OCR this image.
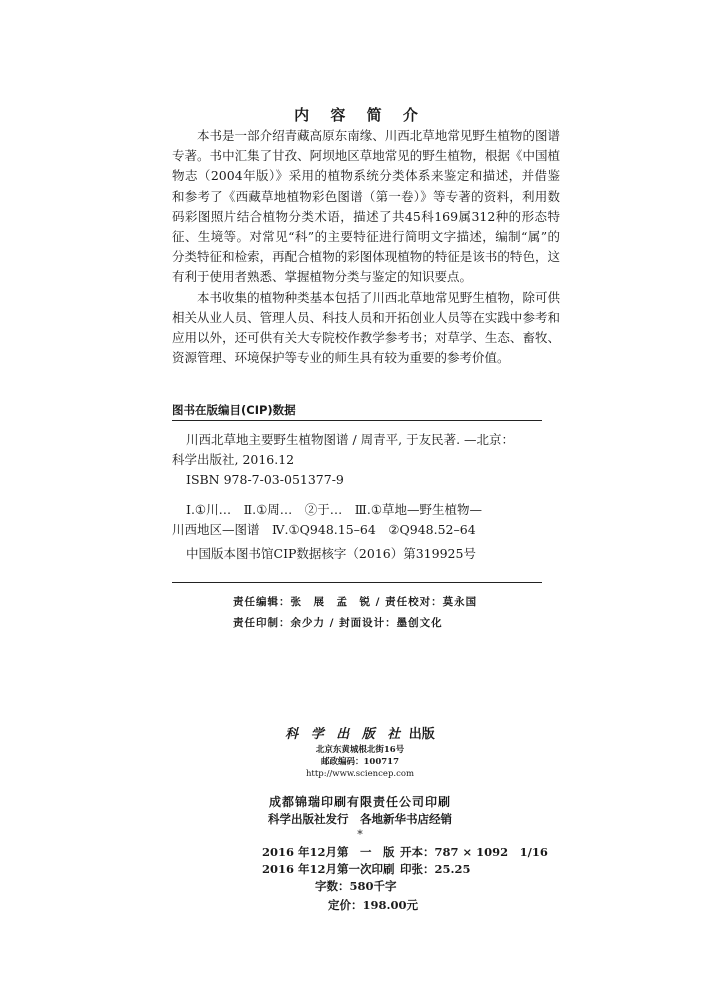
内 容 简 介

本书是一部介绍青藏高原东南缘、川西北草地常见野生植物的图谱专著。书中汇集了甘孜、阿坝地区草地常见的野生植物，根据《中国植物志（2004年版）》采用的植物系统分类体系来鉴定和描述，并借鉴和参考了《西藏草地植物彩色图谱（第一卷）》等专著的资料，利用数码彩图照片结合植物分类术语，描述了共45科169属312种的形态特征、生境等。对常见“科”的主要特征进行简明文字描述，编制“属”的分类特征和检索，再配合植物的彩图体现植物的特征是该书的特色，这有利于使用者熟悉、掌握植物分类与鉴定的知识要点。

本书收集的植物种类基本包括了川西北草地常见野生植物，除可供相关从业人员、管理人员、科技人员和开拓创业人员等在实践中参考和应用以外，还可供有关大专院校作教学参考书；对草学、生态、畜牧、资源管理、环境保护等专业的师生具有较为重要的参考价值。

图书在版编目(CIP)数据
川西北草地主要野生植物图谱 / 周青平, 于友民著. —北京：
科学出版社, 2016.12
ISBN 978-7-03-051377-9
Ⅰ.①川…　Ⅱ.①周…　②于…　Ⅲ.①草地—野生植物—
川西地区—图谱　Ⅳ.①Q948.15–64　②Q948.52–64
中国版本图书馆CIP数据核字（2016）第319925号
责任编辑：张　展　孟　锐 / 责任校对：莫永国
责任印制：余少力 / 封面设计：墨创文化
科 学 出 版 社 出版
北京东黄城根北街16号
邮政编码：100717
http://www.sciencep.com
成都锦瑞印刷有限责任公司印刷
科学出版社发行　各地新华书店经销
*
2016 年12月第　一　版 开本：787 × 1092　1/16
2016 年12月第一次印刷 印张：25.25
字数：580千字
定价：198.00元
